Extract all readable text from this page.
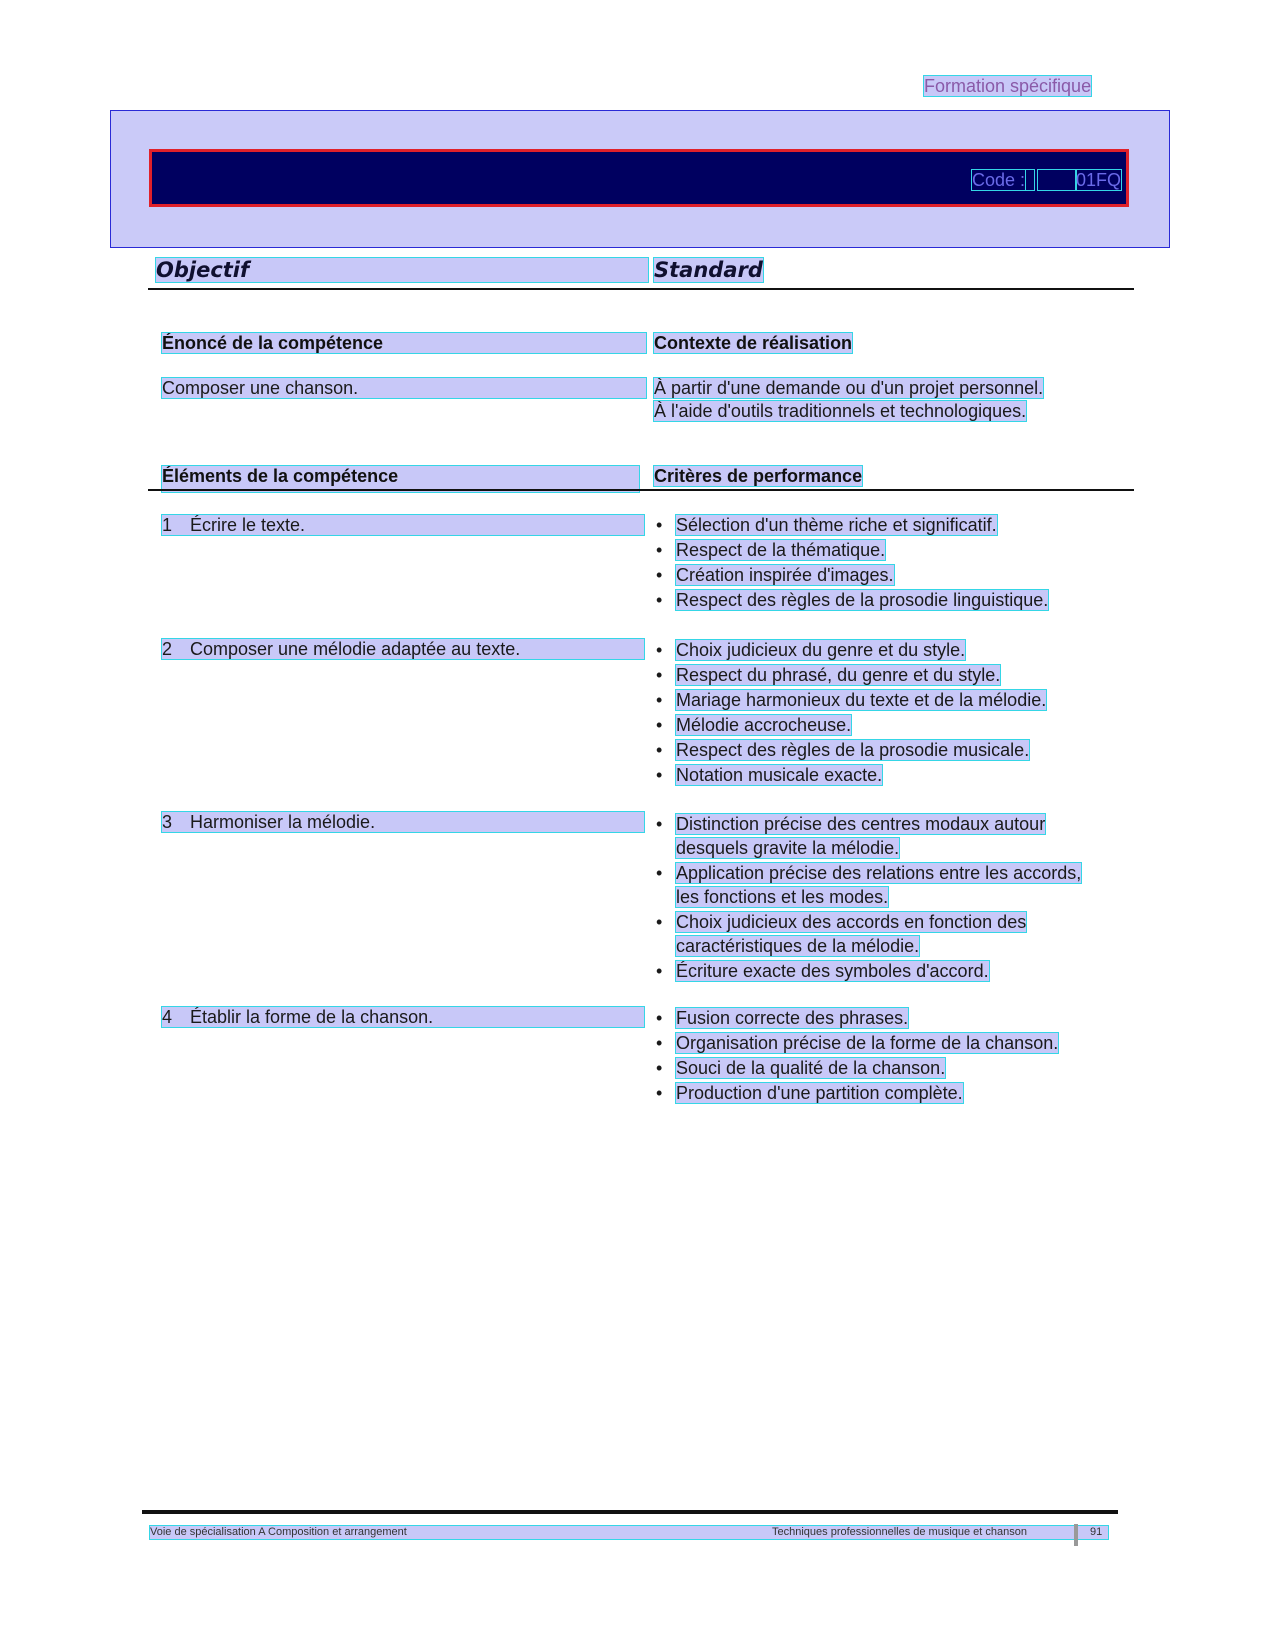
Formation spécifique
Code :	01FQ
Objectif	Standard
Énoncé de la compétence	Contexte de réalisation
Composer une chanson.	À partir d'une demande ou d'un projet personnel.
À l'aide d'outils traditionnels et technologiques.
Éléments de la compétence	Critères de performance
1 Écrire le texte.	• Sélection d'un thème riche et significatif.
• Respect de la thématique.
• Création inspirée d'images.
• Respect des règles de la prosodie linguistique.
2 Composer une mélodie adaptée au texte.	• Choix judicieux du genre et du style.
• Respect du phrasé, du genre et du style.
• Mariage harmonieux du texte et de la mélodie.
• Mélodie accrocheuse.
• Respect des règles de la prosodie musicale.
• Notation musicale exacte.
3 Harmoniser la mélodie.	• Distinction précise des centres modaux autour desquels gravite la mélodie.
• Application précise des relations entre les accords, les fonctions et les modes.
• Choix judicieux des accords en fonction des caractéristiques de la mélodie.
• Écriture exacte des symboles d'accord.
4 Établir la forme de la chanson.	• Fusion correcte des phrases.
• Organisation précise de la forme de la chanson.
• Souci de la qualité de la chanson.
• Production d'une partition complète.
Voie de spécialisation A Composition et arrangement	Techniques professionnelles de musique et chanson	91
